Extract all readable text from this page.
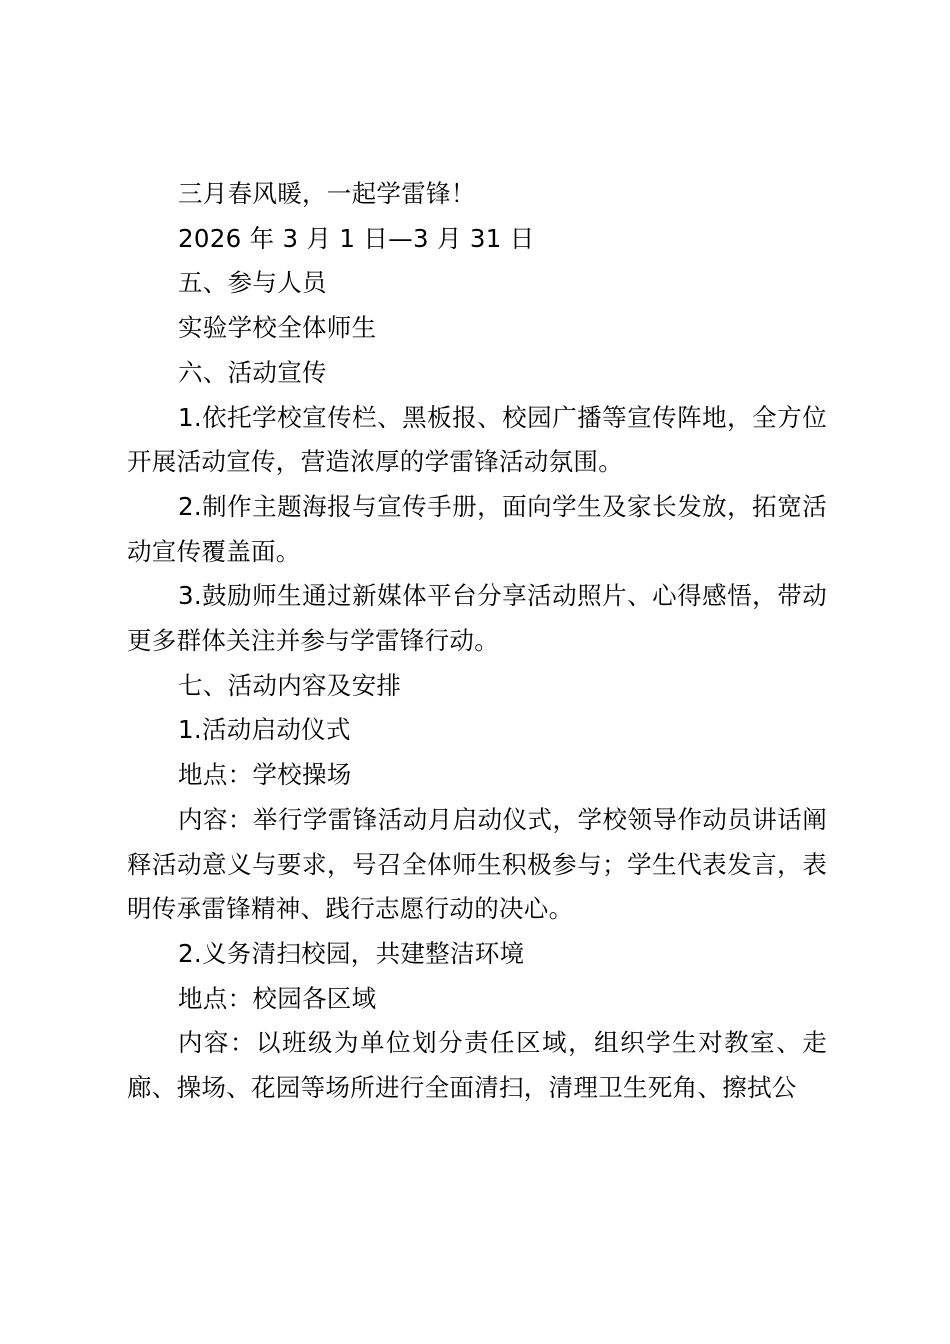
三月春风暖，一起学雷锋！

2026 年 3 月 1 日—3 月 31 日

五、参与人员

实验学校全体师生

六、活动宣传

1.依托学校宣传栏、黑板报、校园广播等宣传阵地，全方位开展活动宣传，营造浓厚的学雷锋活动氛围。

2.制作主题海报与宣传手册，面向学生及家长发放，拓宽活动宣传覆盖面。

3.鼓励师生通过新媒体平台分享活动照片、心得感悟，带动更多群体关注并参与学雷锋行动。

七、活动内容及安排

1.活动启动仪式

地点：学校操场

内容：举行学雷锋活动月启动仪式，学校领导作动员讲话阐释活动意义与要求，号召全体师生积极参与；学生代表发言，表明传承雷锋精神、践行志愿行动的决心。

2.义务清扫校园，共建整洁环境

地点：校园各区域

内容：以班级为单位划分责任区域，组织学生对教室、走廊、操场、花园等场所进行全面清扫，清理卫生死角、擦拭公
